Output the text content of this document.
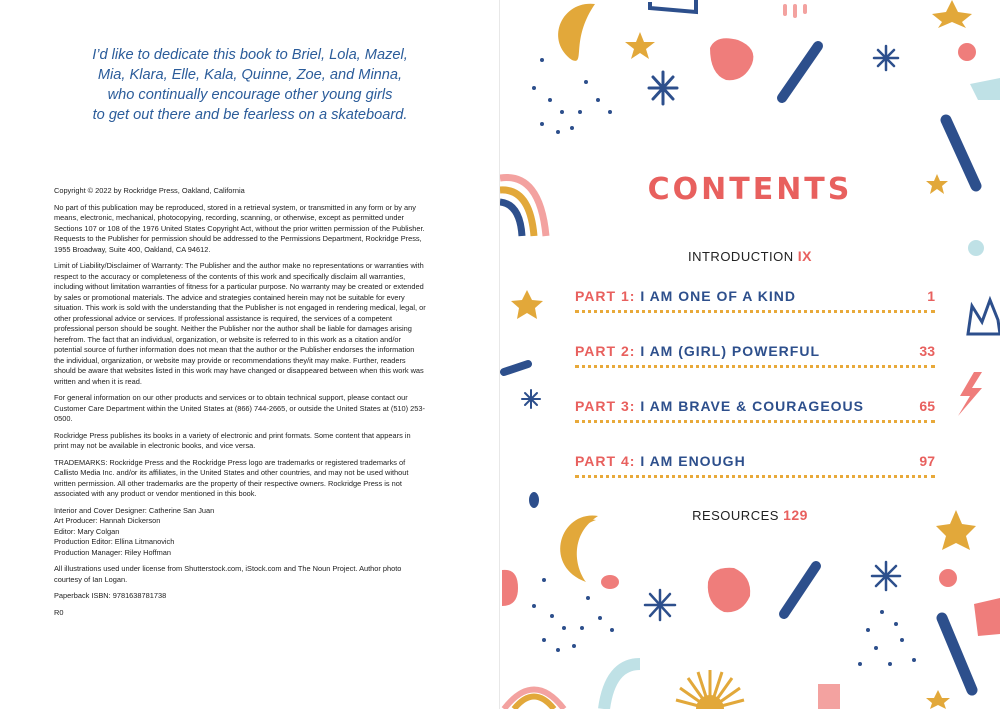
I’d like to dedicate this book to Briel, Lola, Mazel,
Mia, Klara, Elle, Kala, Quinne, Zoe, and Minna,
who continually encourage other young girls
to get out there and be fearless on a skateboard.

Copyright © 2022 by Rockridge Press, Oakland, California

No part of this publication may be reproduced, stored in a retrieval system, or transmitted in any form or by any means, electronic, mechanical, photocopying, recording, scanning, or otherwise, except as permitted under Sections 107 or 108 of the 1976 United States Copyright Act, without the prior written permission of the Publisher. Requests to the Publisher for permission should be addressed to the Permissions Department, Rockridge Press, 1955 Broadway, Suite 400, Oakland, CA 94612.

Limit of Liability/Disclaimer of Warranty: The Publisher and the author make no representations or warranties with respect to the accuracy or completeness of the contents of this work and specifically disclaim all warranties, including without limitation warranties of fitness for a particular purpose. No warranty may be created or extended by sales or promotional materials. The advice and strategies contained herein may not be suitable for every situation. This work is sold with the understanding that the Publisher is not engaged in rendering medical, legal, or other professional advice or services. If professional assistance is required, the services of a competent professional person should be sought. Neither the Publisher nor the author shall be liable for damages arising herefrom. The fact that an individual, organization, or website is referred to in this work as a citation and/or potential source of further information does not mean that the author or the Publisher endorses the information the individual, organization, or website may provide or recommendations they/it may make. Further, readers should be aware that websites listed in this work may have changed or disappeared between when this work was written and when it is read.

For general information on our other products and services or to obtain technical support, please contact our Customer Care Department within the United States at (866) 744-2665, or outside the United States at (510) 253-0500.

Rockridge Press publishes its books in a variety of electronic and print formats. Some content that appears in print may not be available in electronic books, and vice versa.

TRADEMARKS: Rockridge Press and the Rockridge Press logo are trademarks or registered trademarks of Callisto Media Inc. and/or its affiliates, in the United States and other countries, and may not be used without written permission. All other trademarks are the property of their respective owners. Rockridge Press is not associated with any product or vendor mentioned in this book.

Interior and Cover Designer: Catherine San Juan

Art Producer: Hannah Dickerson

Editor: Mary Colgan

Production Editor: Ellina Litmanovich

Production Manager: Riley Hoffman

All illustrations used under license from Shutterstock.com, iStock.com and The Noun Project. Author photo courtesy of Ian Logan.

Paperback ISBN: 9781638781738

R0

CONTENTS
INTRODUCTION IX
PART 1: I AM ONE OF A KIND	1
PART 2: I AM (GIRL) POWERFUL	33
PART 3: I AM BRAVE & COURAGEOUS	65
PART 4: I AM ENOUGH	97
RESOURCES 129
